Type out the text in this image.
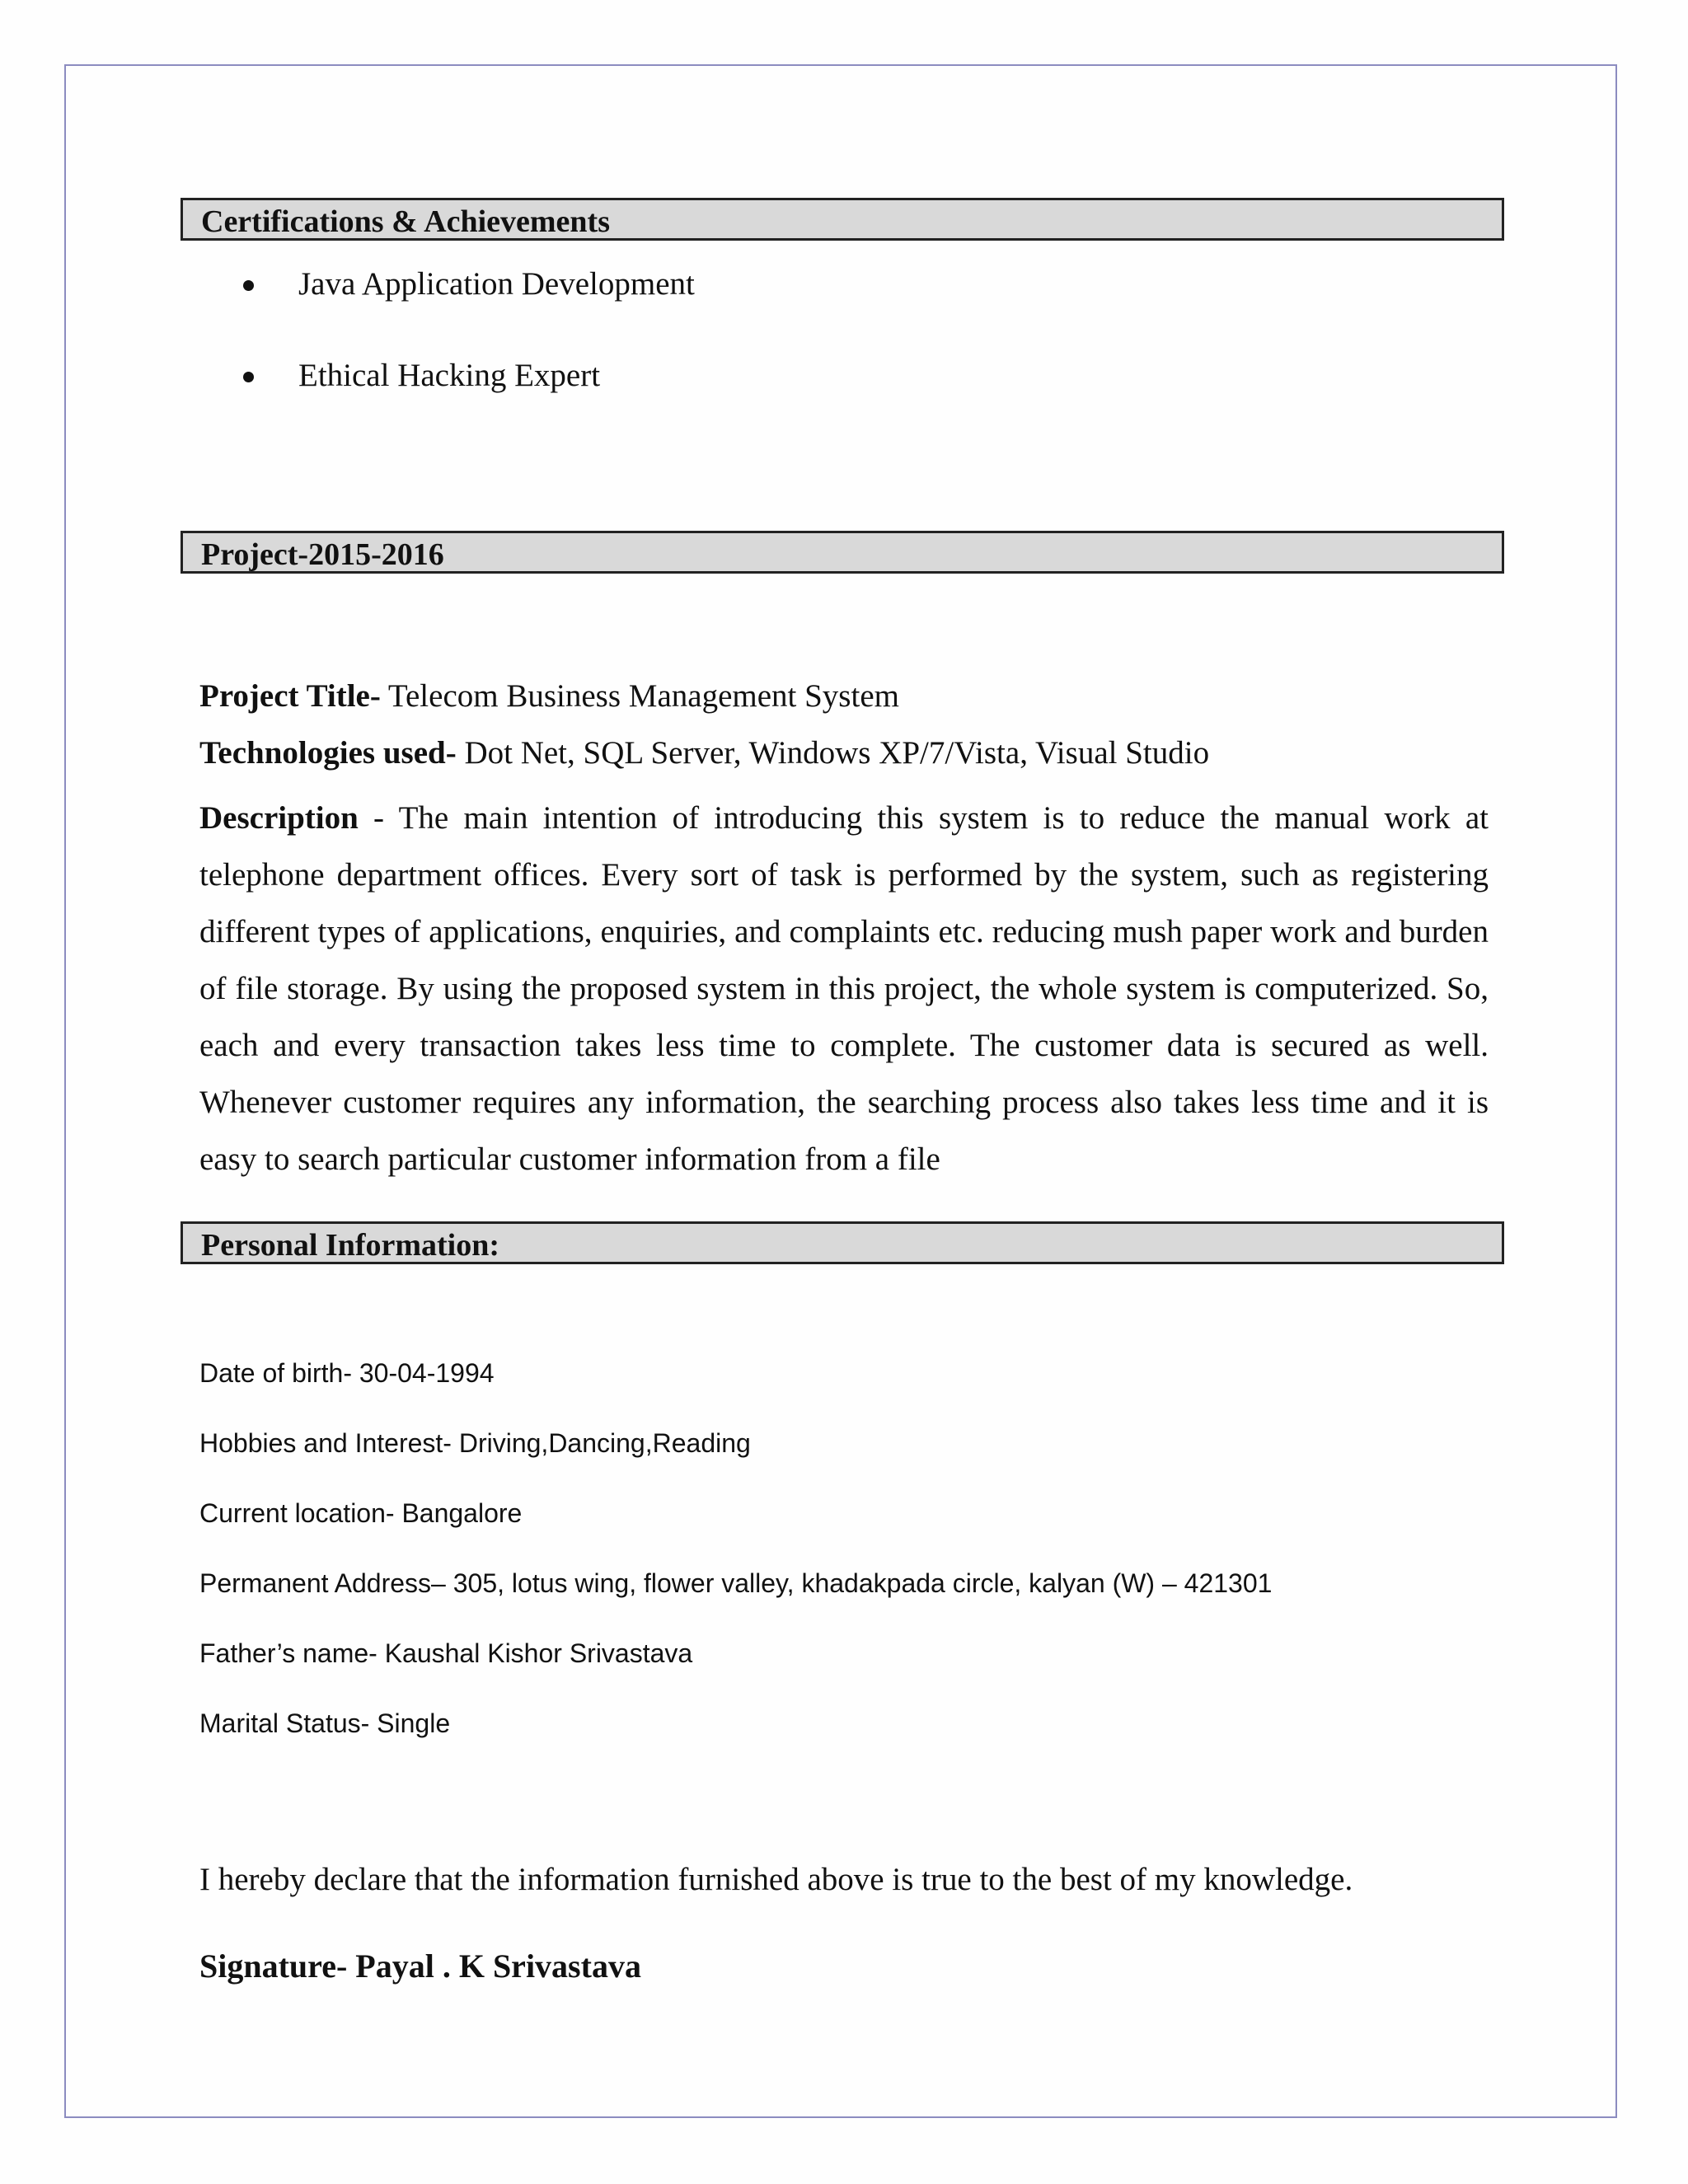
Certifications & Achievements
Java Application Development
Ethical Hacking Expert
Project-2015-2016
Project Title- Telecom Business Management System
Technologies used- Dot Net, SQL Server, Windows XP/7/Vista, Visual Studio
Description - The main intention of introducing this system is to reduce the manual work at telephone department offices. Every sort of task is performed by the system, such as registering different types of applications, enquiries, and complaints etc. reducing mush paper work and burden of file storage. By using the proposed system in this project, the whole system is computerized. So, each and every transaction takes less time to complete. The customer data is secured as well. Whenever customer requires any information, the searching process also takes less time and it is easy to search particular customer information from a file
Personal Information:
Date of birth- 30-04-1994
Hobbies and Interest- Driving,Dancing,Reading
Current location- Bangalore
Permanent Address– 305, lotus wing, flower valley, khadakpada circle, kalyan (W) – 421301
Father’s name- Kaushal Kishor Srivastava
Marital Status- Single
I hereby declare that the information furnished above is true to the best of my knowledge.
Signature- Payal . K Srivastava
